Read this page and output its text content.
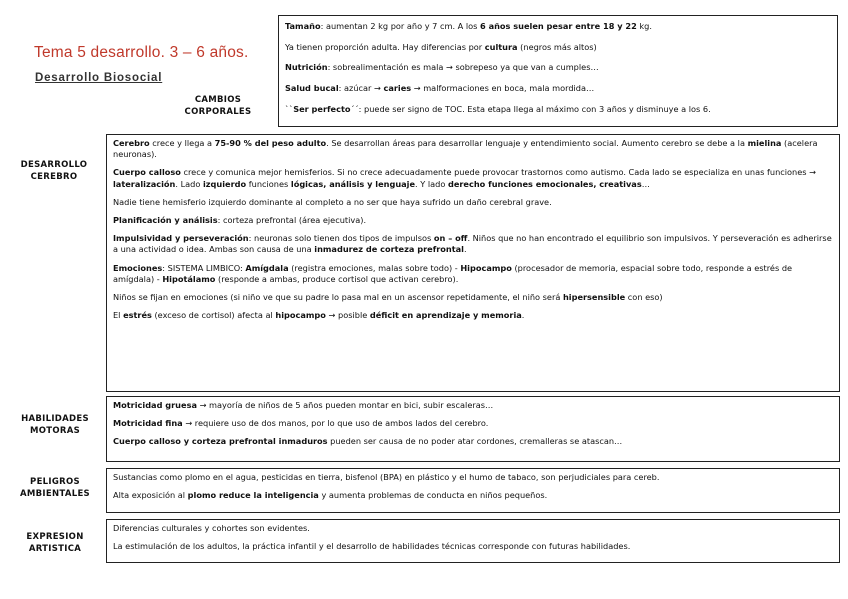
Tema 5 desarrollo. 3 – 6 años.
Desarrollo Biosocial
CAMBIOS
CORPORALES

Tamaño: aumentan 2 kg por año y 7 cm. A los 6 años suelen pesar entre 18 y 22 kg.

Ya tienen proporción adulta. Hay diferencias por cultura (negros más altos)

Nutrición: sobrealimentación es mala → sobrepeso ya que van a cumples…

Salud bucal: azúcar → caries → malformaciones en boca, mala mordida…

``Ser perfecto´´: puede ser signo de TOC. Esta etapa llega al máximo con 3 años y disminuye a los 6.

DESARROLLO
CEREBRO

Cerebro crece y llega a 75-90 % del peso adulto. Se desarrollan áreas para desarrollar lenguaje y entendimiento social. Aumento cerebro se debe a la mielina (acelera neuronas).

Cuerpo calloso crece y comunica mejor hemisferios. Si no crece adecuadamente puede provocar trastornos como autismo. Cada lado se especializa en unas funciones → lateralización. Lado izquierdo funciones lógicas, análisis y lenguaje. Y lado derecho funciones emocionales, creativas…

Nadie tiene hemisferio izquierdo dominante al completo a no ser que haya sufrido un daño cerebral grave.

Planificación y análisis: corteza prefrontal (área ejecutiva).

Impulsividad y perseveración: neuronas solo tienen dos tipos de impulsos on – off. Niños que no han encontrado el equilibrio son impulsivos. Y perseveración es adherirse a una actividad o idea. Ambas son causa de una inmadurez de corteza prefrontal.

Emociones: SISTEMA LIMBICO: Amígdala (registra emociones, malas sobre todo) - Hipocampo (procesador de memoria, espacial sobre todo, responde a estrés de amígdala) - Hipotálamo (responde a ambas, produce cortisol que activan cerebro).

Niños se fijan en emociones (si niño ve que su padre lo pasa mal en un ascensor repetidamente, el niño será hipersensible con eso)

El estrés (exceso de cortisol) afecta al hipocampo → posible déficit en aprendizaje y memoria.

HABILIDADES
MOTORAS

Motricidad gruesa → mayoría de niños de 5 años pueden montar en bici, subir escaleras…

Motricidad fina → requiere uso de dos manos, por lo que uso de ambos lados del cerebro.

Cuerpo calloso y corteza prefrontal inmaduros pueden ser causa de no poder atar cordones, cremalleras se atascan…

PELIGROS
AMBIENTALES

Sustancias como plomo en el agua, pesticidas en tierra, bisfenol (BPA) en plástico y el humo de tabaco, son perjudiciales para cereb.

Alta exposición al plomo reduce la inteligencia y aumenta problemas de conducta en niños pequeños.

EXPRESION
ARTISTICA

Diferencias culturales y cohortes son evidentes.

La estimulación de los adultos, la práctica infantil y el desarrollo de habilidades técnicas corresponde con futuras habilidades.
